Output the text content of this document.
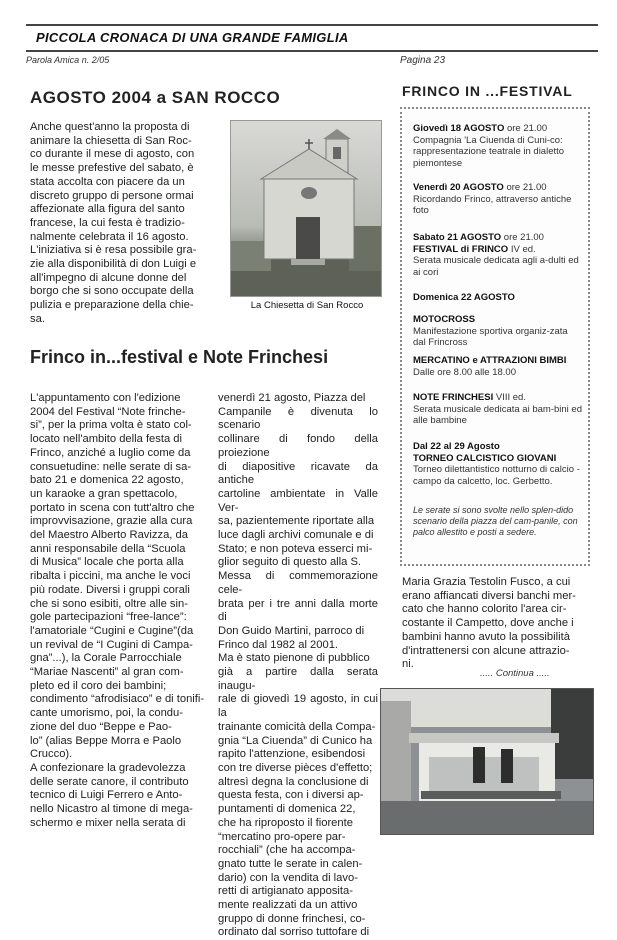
PICCOLA CRONACA DI UNA GRANDE FAMIGLIA
Parola Amica n. 2/05	Pagina 23
AGOSTO 2004 a SAN ROCCO
Anche quest'anno la proposta di
animare la chiesetta di San Roc-
co durante il mese di agosto, con
le messe prefestive del sabato, è
stata accolta con piacere da un
discreto gruppo di persone ormai
affezionate alla figura del santo
francese, la cui festa è tradizio-
nalmente celebrata il 16 agosto.
L'iniziativa si è resa possibile gra-
zie alla disponibilità di don Luigi e
all'impegno di alcune donne del
borgo che si sono occupate della
pulizia e preparazione della chie-
sa.
La Chiesetta di San Rocco
Frinco in...festival e Note Frinchesi
L'appuntamento con l'edizione
2004 del Festival “Note frinche-
si”, per la prima volta è stato col-
locato nell'ambito della festa di
Frinco, anziché a luglio come da
consuetudine: nelle serate di sa-
bato 21 e domenica 22 agosto,
un karaoke a gran spettacolo,
portato in scena con tutt'altro che
improvvisazione, grazie alla cura
del Maestro Alberto Ravizza, da
anni responsabile della “Scuola
di Musica” locale che porta alla
ribalta i piccini, ma anche le voci
più rodate. Diversi i gruppi corali
che si sono esibiti, oltre alle sin-
gole partecipazioni “free-lance”:
l'amatoriale “Cugini e Cugine”(da
un revival de “I Cugini di Campa-
gna”...), la Corale Parrocchiale
“Mariae Nascenti” al gran com-
pleto ed il coro dei bambini;
condimento “afrodisiaco” e di tonifi-
cante umorismo, poi, la condu-
zione del duo “Beppe e Pao-
lo” (alias Beppe Morra e Paolo
Crucco).
A confezionare la gradevolezza
delle serate canore, il contributo
tecnico di Luigi Ferrero e Anto-
nello Nicastro al timone di mega-
schermo e mixer nella serata di
venerdì 21 agosto, Piazza del
Campanile è divenuta lo scenario
collinare di fondo della proiezione
di diapositive ricavate da antiche
cartoline ambientate in Valle Ver-
sa, pazientemente riportate alla
luce dagli archivi comunale e di
Stato; e non poteva esserci mi-
glior seguito di questo alla S.
Messa di commemorazione cele-
brata per i tre anni dalla morte di
Don Guido Martini, parroco di
Frinco dal 1982 al 2001.
Ma è stato pienone di pubblico
già a partire dalla serata inaugu-
rale di giovedì 19 agosto, in cui la
trainante comicità della Compa-
gnia “La Ciuenda” di Cunico ha
rapito l'attenzione, esibendosi
con tre diverse pièces d'effetto;
altresì degna la conclusione di
questa festa, con i diversi ap-
puntamenti di domenica 22,
che ha riproposto il fiorente
“mercatino pro-opere par-
rocchiali” (che ha accompa-
gnato tutte le serate in calen-
dario) con la vendita di lavo-
retti di artigianato apposita-
mente realizzati da un attivo
gruppo di donne frinchesi, co-
ordinato dal sorriso tuttofare di
Maria Grazia Testolin Fusco, a cui
erano affiancati diversi banchi mer-
cato che hanno colorito l'area cir-
costante il Campetto, dove anche i
bambini hanno avuto la possibilità
d'intrattenersi con alcune attrazio-
ni.
..... Continua .....
FRINCO IN ...FESTIVAL
Giovedì 18 AGOSTO ore 21.00
Compagnia 'La Ciuenda di Cuni-co: rappresentazione teatrale in dialetto piemontese
Venerdì 20 AGOSTO ore 21.00
Ricordando Frinco, attraverso antiche foto
Sabato 21 AGOSTO ore 21.00
FESTIVAL di FRINCO IV ed.
Serata musicale dedicata agli a-dulti ed ai cori
Domenica 22 AGOSTO
MOTOCROSS
Manifestazione sportiva organiz-zata dal Frincross
MERCATINO e ATTRAZIONI BIMBI Dalle ore 8.00 alle 18.00
NOTE FRINCHESI VIII ed.
Serata musicale dedicata ai bam-bini ed alle bambine
Dal 22 al 29 Agosto
TORNEO CALCISTICO GIOVANI
Torneo dilettantistico notturno di calcio - campo da calcetto, loc. Gerbetto.
Le serate si sono svolte nello splen-dido scenario della piazza del cam-panile, con palco allestito e posti a sedere.
